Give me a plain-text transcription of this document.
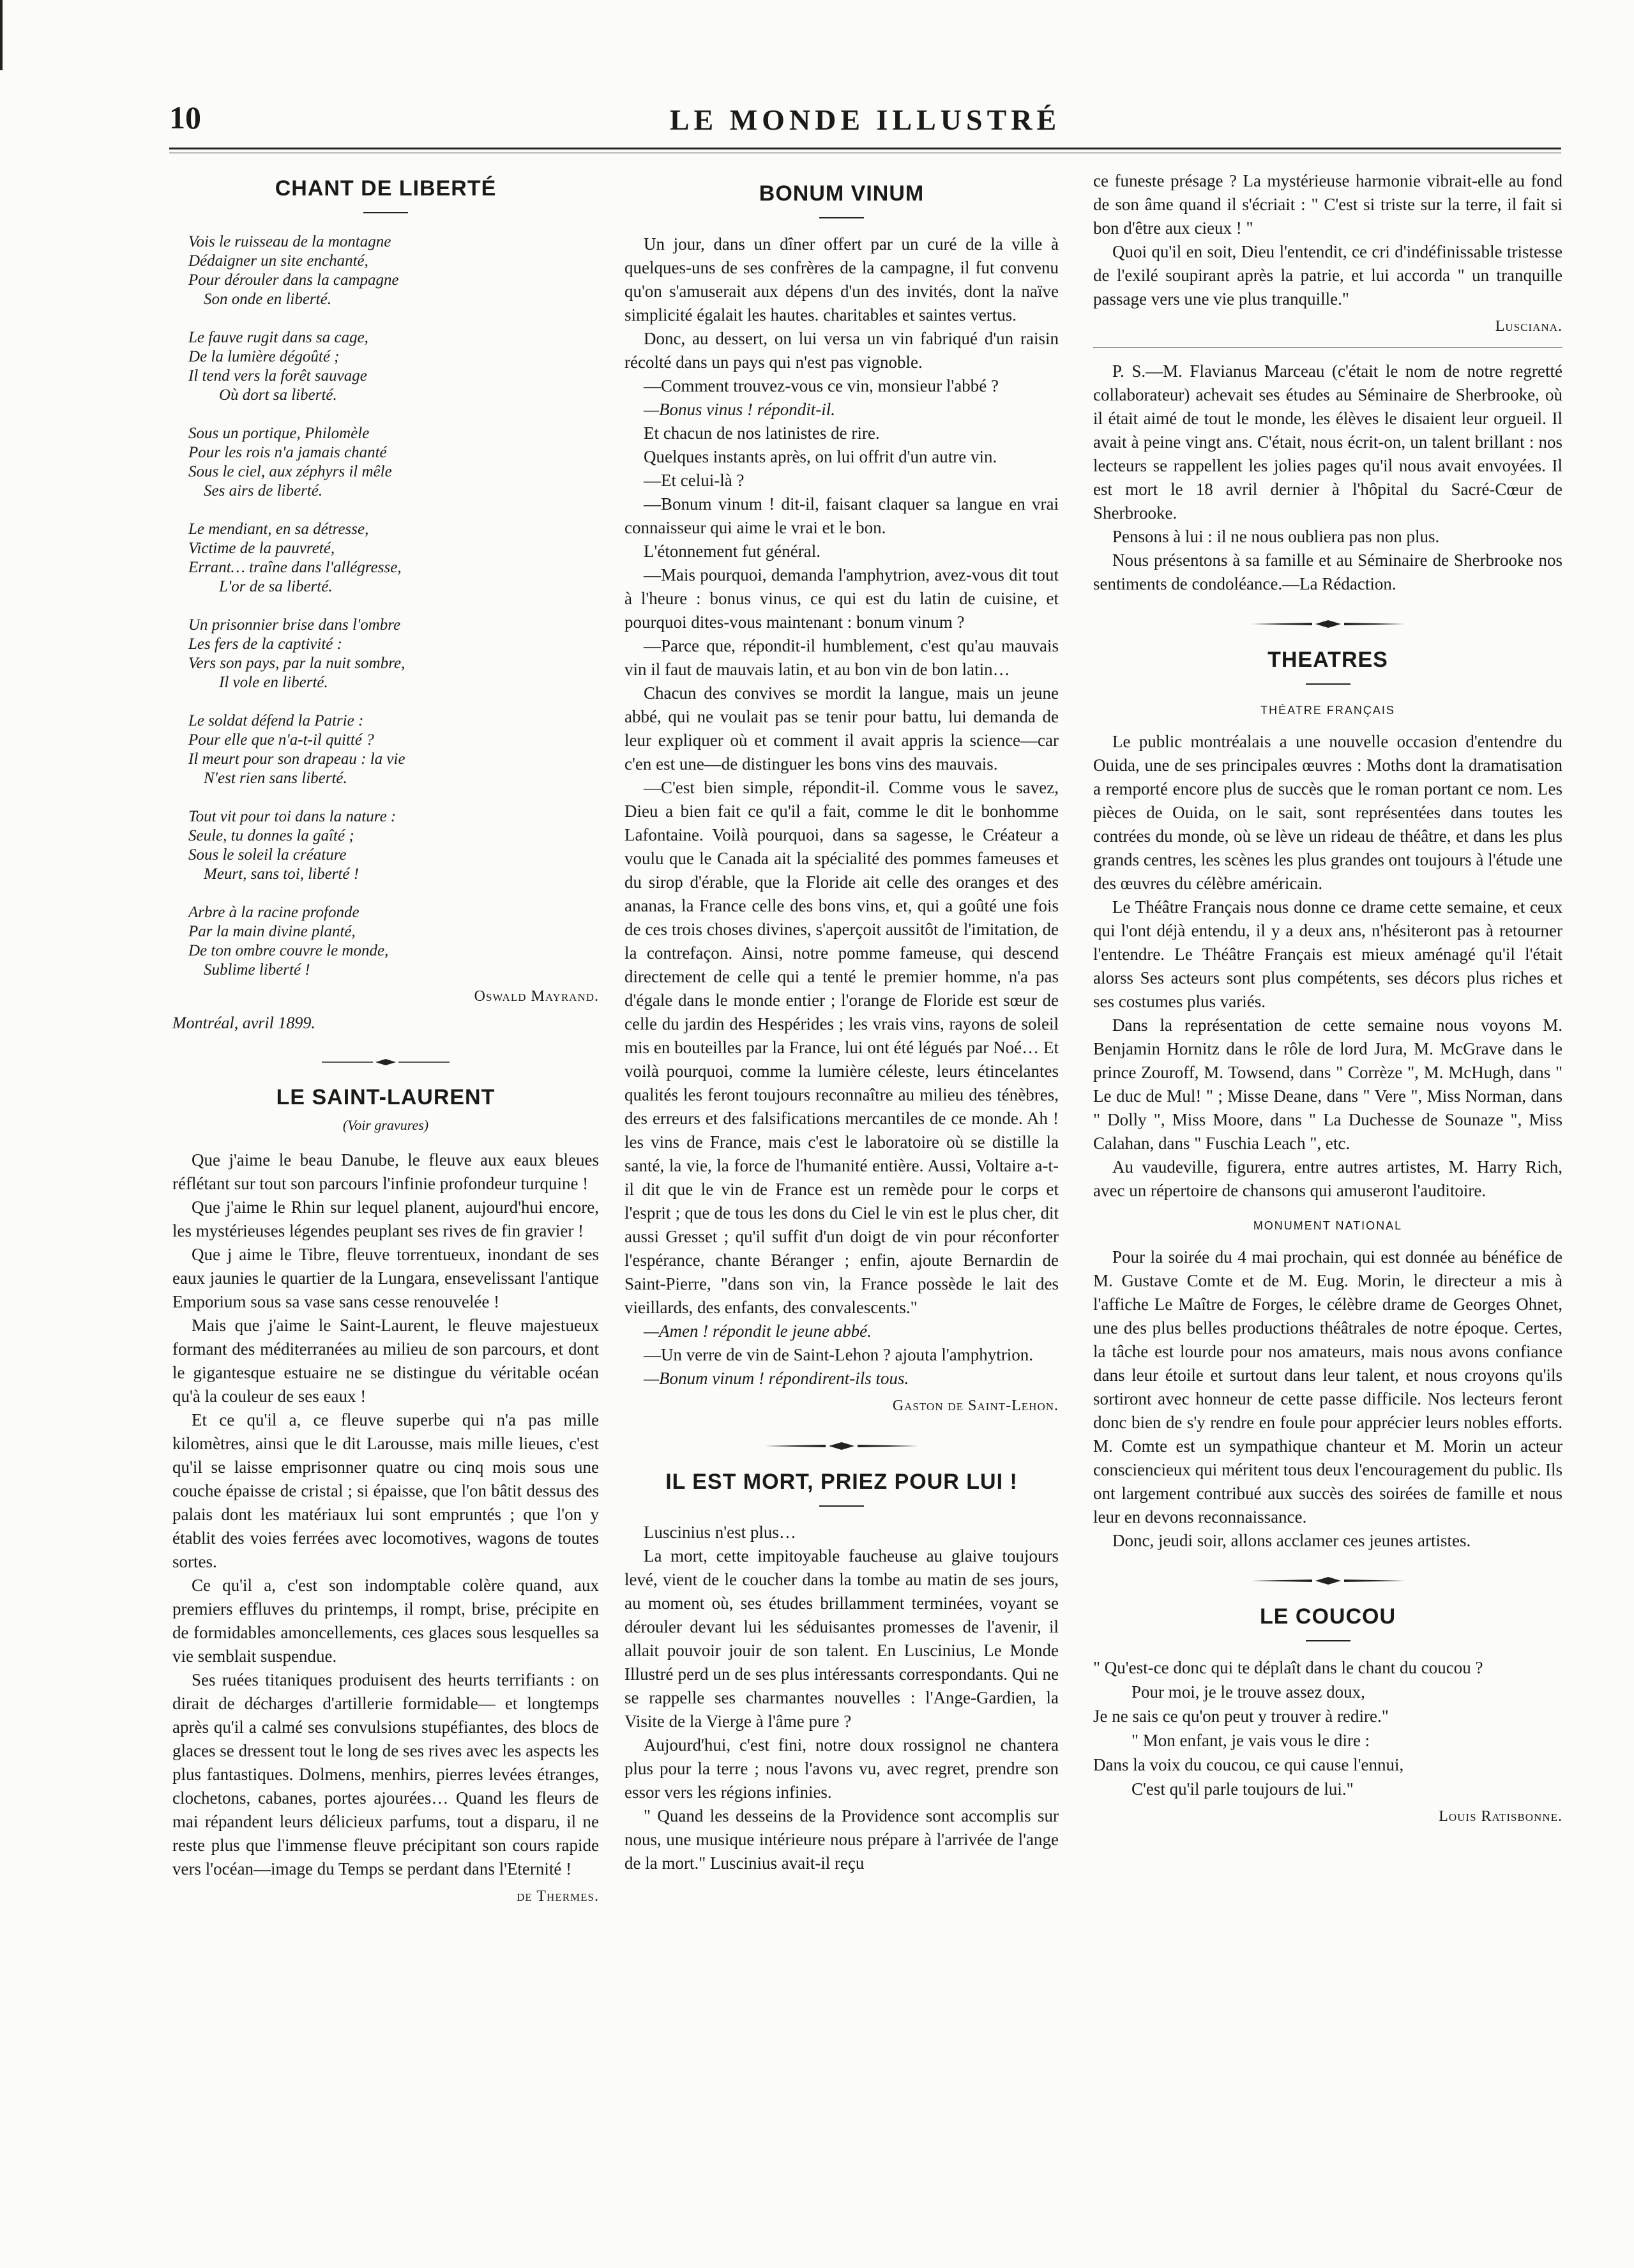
10	LE MONDE ILLUSTRÉ
CHANT DE LIBERTÉ
Vois le ruisseau de la montagne
Dédaigner un site enchanté,
Pour dérouler dans la campagne
Son onde en liberté.
Le fauve rugit dans sa cage,
De la lumière dégoûté ;
Il tend vers la forêt sauvage
Où dort sa liberté.
Sous un portique, Philomèle
Pour les rois n'a jamais chanté
Sous le ciel, aux zéphyrs il mêle
Ses airs de liberté.
Le mendiant, en sa détresse,
Victime de la pauvreté,
Errant… traîne dans l'allégresse,
L'or de sa liberté.
Un prisonnier brise dans l'ombre
Les fers de la captivité :
Vers son pays, par la nuit sombre,
Il vole en liberté.
Le soldat défend la Patrie :
Pour elle que n'a-t-il quitté ?
Il meurt pour son drapeau : la vie
N'est rien sans liberté.
Tout vit pour toi dans la nature :
Seule, tu donnes la gaîté ;
Sous le soleil la créature
Meurt, sans toi, liberté !
Arbre à la racine profonde
Par la main divine planté,
De ton ombre couvre le monde,
Sublime liberté !
Oswald Mayrand.
Montréal, avril 1899.
LE SAINT-LAURENT
(Voir gravures)

Que j'aime le beau Danube, le fleuve aux eaux bleues réflétant sur tout son parcours l'infinie profondeur turquine !

Que j'aime le Rhin sur lequel planent, aujourd'hui encore, les mystérieuses légendes peuplant ses rives de fin gravier !

Que j aime le Tibre, fleuve torrentueux, inondant de ses eaux jaunies le quartier de la Lungara, ensevelissant l'antique Emporium sous sa vase sans cesse renouvelée !

Mais que j'aime le Saint-Laurent, le fleuve majestueux formant des méditerranées au milieu de son parcours, et dont le gigantesque estuaire ne se distingue du véritable océan qu'à la couleur de ses eaux !

Et ce qu'il a, ce fleuve superbe qui n'a pas mille kilomètres, ainsi que le dit Larousse, mais mille lieues, c'est qu'il se laisse emprisonner quatre ou cinq mois sous une couche épaisse de cristal ; si épaisse, que l'on bâtit dessus des palais dont les matériaux lui sont empruntés ; que l'on y établit des voies ferrées avec locomotives, wagons de toutes sortes.

Ce qu'il a, c'est son indomptable colère quand, aux premiers effluves du printemps, il rompt, brise, précipite en de formidables amoncellements, ces glaces sous lesquelles sa vie semblait suspendue.

Ses ruées titaniques produisent des heurts terrifiants : on dirait de décharges d'artillerie formidable— et longtemps après qu'il a calmé ses convulsions stupéfiantes, des blocs de glaces se dressent tout le long de ses rives avec les aspects les plus fantastiques. Dolmens, menhirs, pierres levées étranges, clochetons, cabanes, portes ajourées… Quand les fleurs de mai répandent leurs délicieux parfums, tout a disparu, il ne reste plus que l'immense fleuve précipitant son cours rapide vers l'océan—image du Temps se perdant dans l'Eternité !

de Thermes.
BONUM VINUM

Un jour, dans un dîner offert par un curé de la ville à quelques-uns de ses confrères de la campagne, il fut convenu qu'on s'amuserait aux dépens d'un des invités, dont la naïve simplicité égalait les hautes. charitables et saintes vertus.

Donc, au dessert, on lui versa un vin fabriqué d'un raisin récolté dans un pays qui n'est pas vignoble.

—Comment trouvez-vous ce vin, monsieur l'abbé ?

—Bonus vinus ! répondit-il.

Et chacun de nos latinistes de rire.

Quelques instants après, on lui offrit d'un autre vin.

—Et celui-là ?

—Bonum vinum ! dit-il, faisant claquer sa langue en vrai connaisseur qui aime le vrai et le bon.

L'étonnement fut général.

—Mais pourquoi, demanda l'amphytrion, avez-vous dit tout à l'heure : bonus vinus, ce qui est du latin de cuisine, et pourquoi dites-vous maintenant : bonum vinum ?

—Parce que, répondit-il humblement, c'est qu'au mauvais vin il faut de mauvais latin, et au bon vin de bon latin…

Chacun des convives se mordit la langue, mais un jeune abbé, qui ne voulait pas se tenir pour battu, lui demanda de leur expliquer où et comment il avait appris la science—car c'en est une—de distinguer les bons vins des mauvais.

—C'est bien simple, répondit-il. Comme vous le savez, Dieu a bien fait ce qu'il a fait, comme le dit le bonhomme Lafontaine. Voilà pourquoi, dans sa sagesse, le Créateur a voulu que le Canada ait la spécialité des pommes fameuses et du sirop d'érable, que la Floride ait celle des oranges et des ananas, la France celle des bons vins, et, qui a goûté une fois de ces trois choses divines, s'aperçoit aussitôt de l'imitation, de la contrefaçon. Ainsi, notre pomme fameuse, qui descend directement de celle qui a tenté le premier homme, n'a pas d'égale dans le monde entier ; l'orange de Floride est sœur de celle du jardin des Hespérides ; les vrais vins, rayons de soleil mis en bouteilles par la France, lui ont été légués par Noé… Et voilà pourquoi, comme la lumière céleste, leurs étincelantes qualités les feront toujours reconnaître au milieu des ténèbres, des erreurs et des falsifications mercantiles de ce monde. Ah ! les vins de France, mais c'est le laboratoire où se distille la santé, la vie, la force de l'humanité entière. Aussi, Voltaire a-t-il dit que le vin de France est un remède pour le corps et l'esprit ; que de tous les dons du Ciel le vin est le plus cher, dit aussi Gresset ; qu'il suffit d'un doigt de vin pour réconforter l'espérance, chante Béranger ; enfin, ajoute Bernardin de Saint-Pierre, "dans son vin, la France possède le lait des vieillards, des enfants, des convalescents."

—Amen ! répondit le jeune abbé.

—Un verre de vin de Saint-Lehon ? ajouta l'amphytrion.

—Bonum vinum ! répondirent-ils tous.

Gaston de Saint-Lehon.
IL EST MORT, PRIEZ POUR LUI !

Luscinius n'est plus…

La mort, cette impitoyable faucheuse au glaive toujours levé, vient de le coucher dans la tombe au matin de ses jours, au moment où, ses études brillamment terminées, voyant se dérouler devant lui les séduisantes promesses de l'avenir, il allait pouvoir jouir de son talent. En Luscinius, Le Monde Illustré perd un de ses plus intéressants correspondants. Qui ne se rappelle ses charmantes nouvelles : l'Ange-Gardien, la Visite de la Vierge à l'âme pure ?

Aujourd'hui, c'est fini, notre doux rossignol ne chantera plus pour la terre ; nous l'avons vu, avec regret, prendre son essor vers les régions infinies.

" Quand les desseins de la Providence sont accomplis sur nous, une musique intérieure nous prépare à l'arrivée de l'ange de la mort." Luscinius avait-il reçu

ce funeste présage ? La mystérieuse harmonie vibrait-elle au fond de son âme quand il s'écriait : " C'est si triste sur la terre, il fait si bon d'être aux cieux ! "

Quoi qu'il en soit, Dieu l'entendit, ce cri d'indéfinissable tristesse de l'exilé soupirant après la patrie, et lui accorda " un tranquille passage vers une vie plus tranquille."

Lusciana.

P. S.—M. Flavianus Marceau (c'était le nom de notre regretté collaborateur) achevait ses études au Séminaire de Sherbrooke, où il était aimé de tout le monde, les élèves le disaient leur orgueil. Il avait à peine vingt ans. C'était, nous écrit-on, un talent brillant : nos lecteurs se rappellent les jolies pages qu'il nous avait envoyées. Il est mort le 18 avril dernier à l'hôpital du Sacré-Cœur de Sherbrooke.

Pensons à lui : il ne nous oubliera pas non plus.

Nous présentons à sa famille et au Séminaire de Sherbrooke nos sentiments de condoléance.—La Rédaction.

THEATRES
THÉATRE FRANÇAIS

Le public montréalais a une nouvelle occasion d'entendre du Ouida, une de ses principales œuvres : Moths dont la dramatisation a remporté encore plus de succès que le roman portant ce nom. Les pièces de Ouida, on le sait, sont représentées dans toutes les contrées du monde, où se lève un rideau de théâtre, et dans les plus grands centres, les scènes les plus grandes ont toujours à l'étude une des œuvres du célèbre américain.

Le Théâtre Français nous donne ce drame cette semaine, et ceux qui l'ont déjà entendu, il y a deux ans, n'hésiteront pas à retourner l'entendre. Le Théâtre Français est mieux aménagé qu'il l'était alorss Ses acteurs sont plus compétents, ses décors plus riches et ses costumes plus variés.

Dans la représentation de cette semaine nous voyons M. Benjamin Hornitz dans le rôle de lord Jura, M. McGrave dans le prince Zouroff, M. Towsend, dans " Corrèze ", M. McHugh, dans " Le duc de Mul! " ; Misse Deane, dans " Vere ", Miss Norman, dans " Dolly ", Miss Moore, dans " La Duchesse de Sounaze ", Miss Calahan, dans " Fuschia Leach ", etc.

Au vaudeville, figurera, entre autres artistes, M. Harry Rich, avec un répertoire de chansons qui amuseront l'auditoire.

MONUMENT NATIONAL

Pour la soirée du 4 mai prochain, qui est donnée au bénéfice de M. Gustave Comte et de M. Eug. Morin, le directeur a mis à l'affiche Le Maître de Forges, le célèbre drame de Georges Ohnet, une des plus belles productions théâtrales de notre époque. Certes, la tâche est lourde pour nos amateurs, mais nous avons confiance dans leur étoile et surtout dans leur talent, et nous croyons qu'ils sortiront avec honneur de cette passe difficile. Nos lecteurs feront donc bien de s'y rendre en foule pour apprécier leurs nobles efforts. M. Comte est un sympathique chanteur et M. Morin un acteur consciencieux qui méritent tous deux l'encouragement du public. Ils ont largement contribué aux succès des soirées de famille et nous leur en devons reconnaissance.

Donc, jeudi soir, allons acclamer ces jeunes artistes.

LE COUCOU
" Qu'est-ce donc qui te déplaît dans le chant du coucou ?
Pour moi, je le trouve assez doux,
Je ne sais ce qu'on peut y trouver à redire."
" Mon enfant, je vais vous le dire :
Dans la voix du coucou, ce qui cause l'ennui,
C'est qu'il parle toujours de lui."
Louis Ratisbonne.
